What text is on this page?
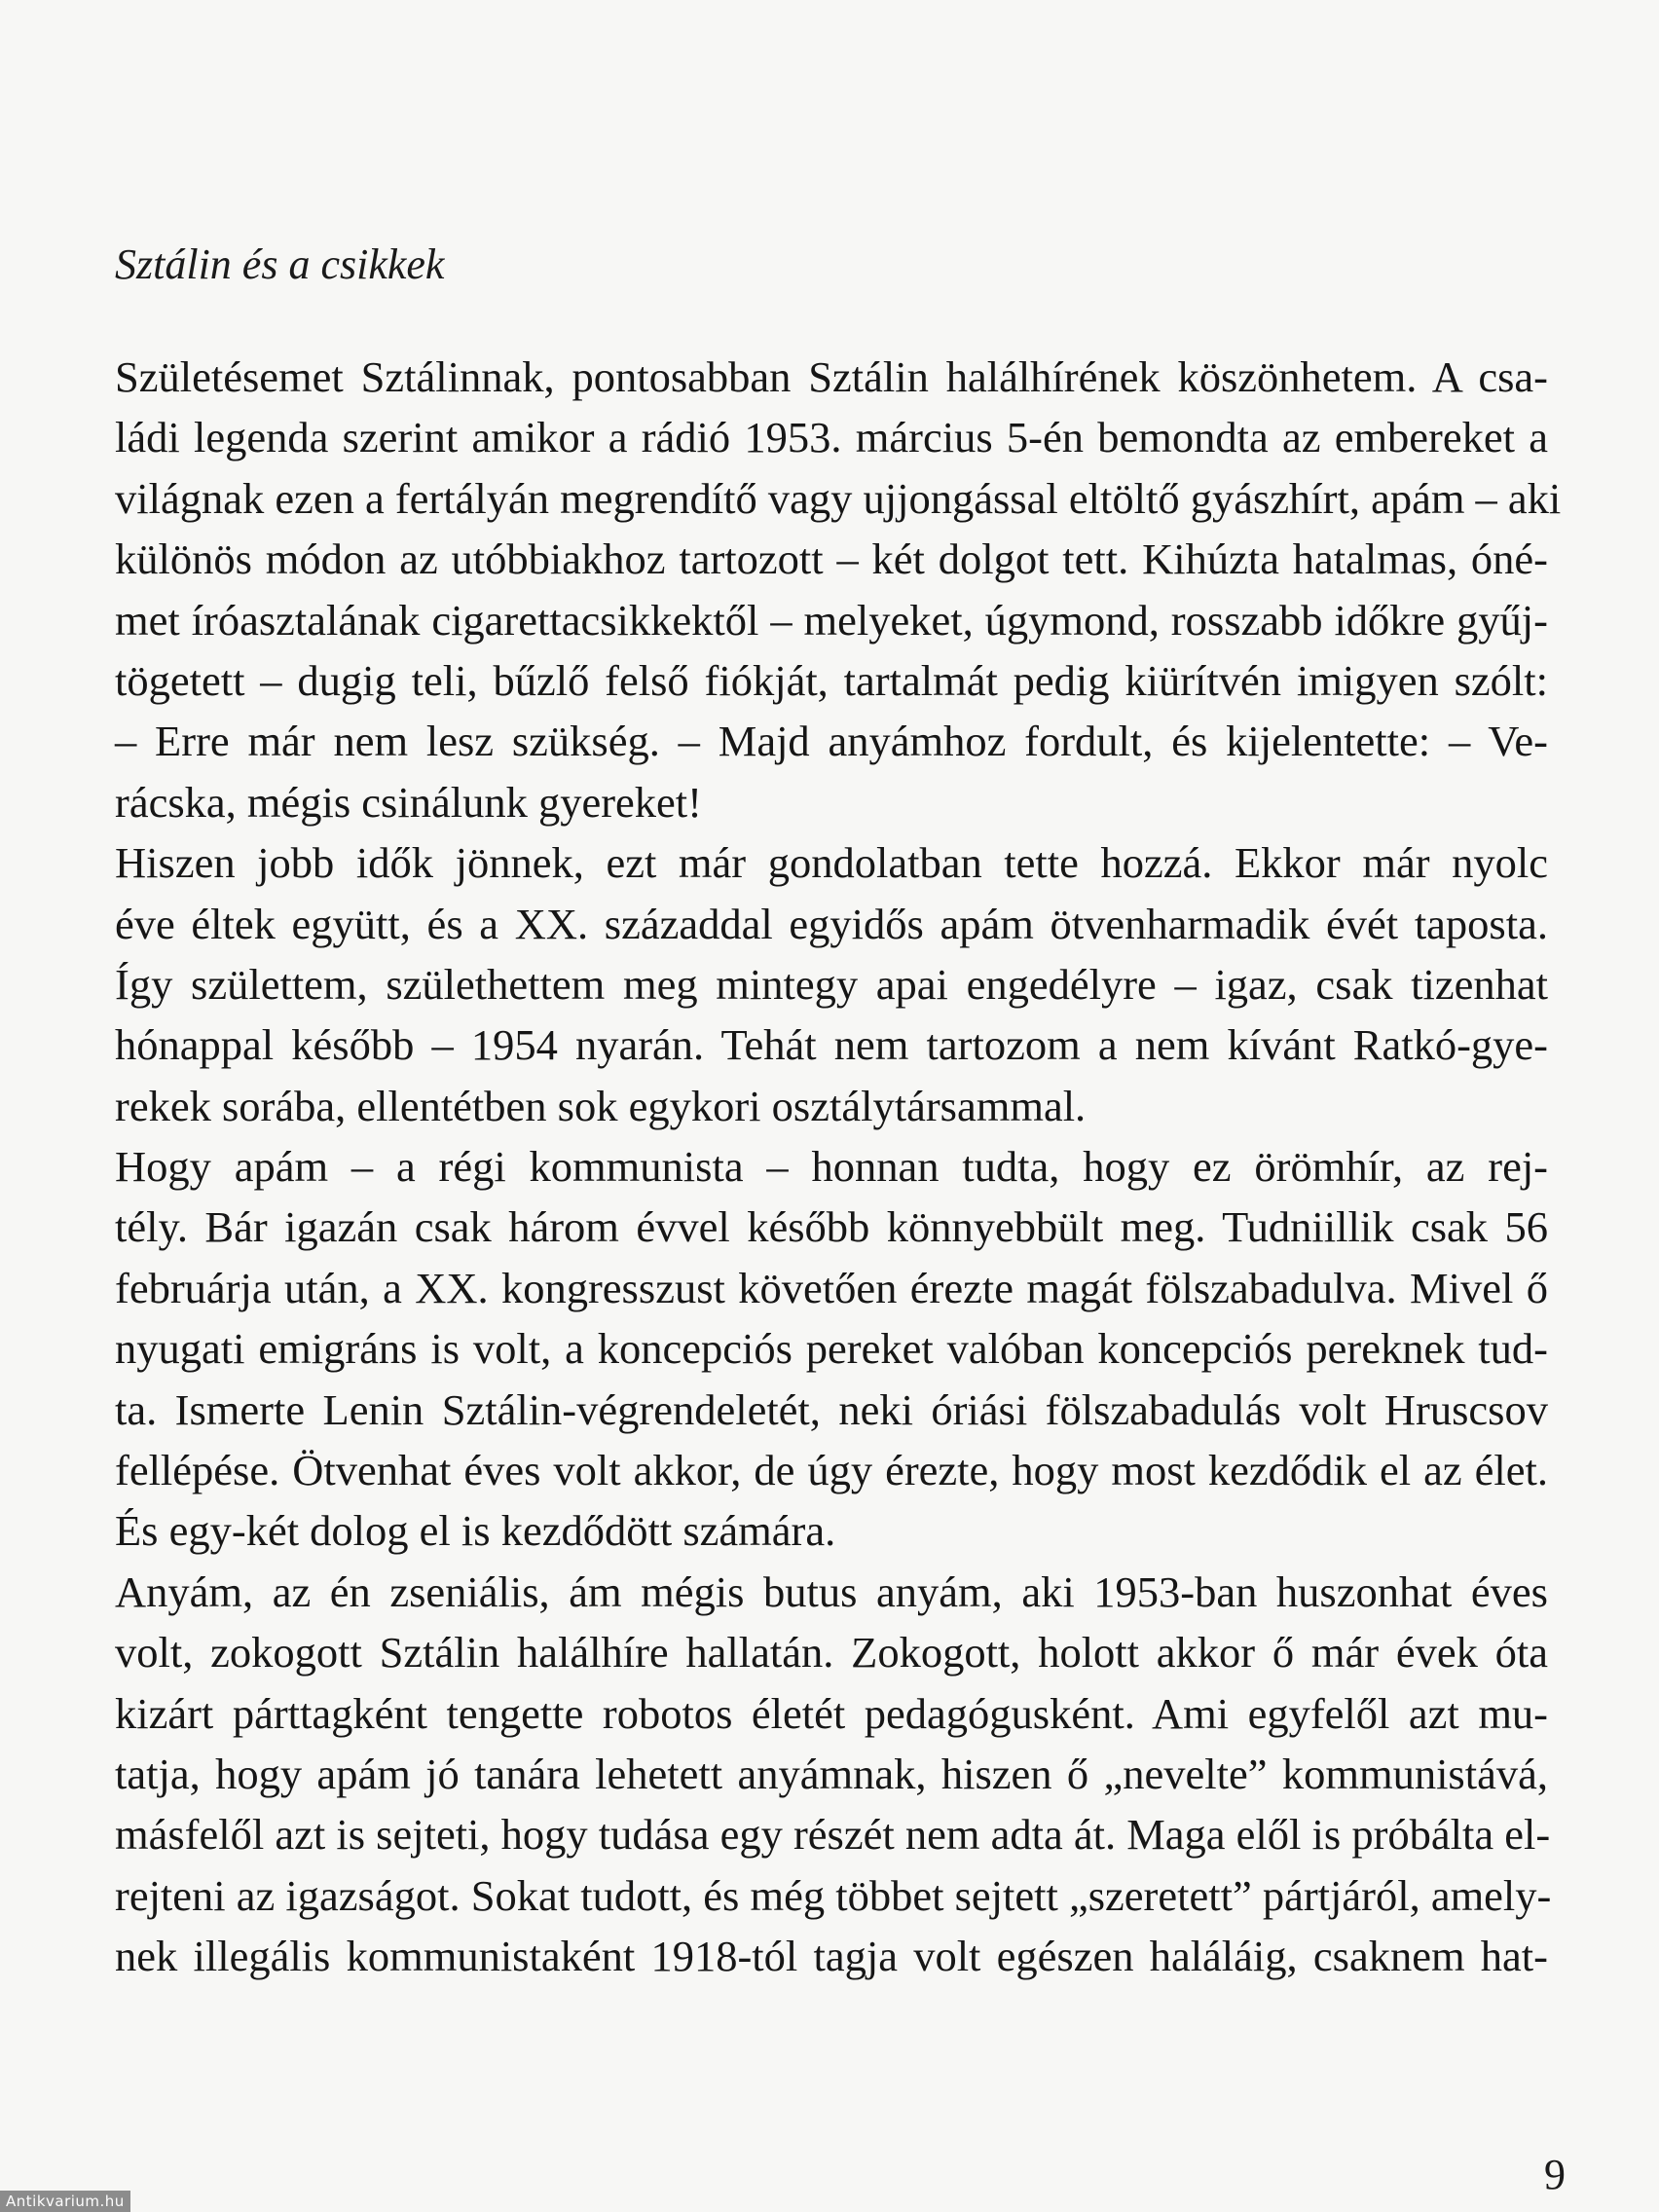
Sztálin és a csikkek
Születésemet Sztálinnak, pontosabban Sztálin halálhírének köszönhetem. A csa-
ládi legenda szerint amikor a rádió 1953. március 5-én bemondta az embereket a
világnak ezen a fertályán megrendítő vagy ujjongással eltöltő gyászhírt, apám – aki
különös módon az utóbbiakhoz tartozott – két dolgot tett. Kihúzta hatalmas, óné-
met íróasztalának cigarettacsikkektől – melyeket, úgymond, rosszabb időkre gyűj-
tögetett – dugig teli, bűzlő felső fiókját, tartalmát pedig kiürítvén imigyen szólt:
– Erre már nem lesz szükség. – Majd anyámhoz fordult, és kijelentette: – Ve-
rácska, mégis csinálunk gyereket!
Hiszen jobb idők jönnek, ezt már gondolatban tette hozzá. Ekkor már nyolc
éve éltek együtt, és a XX. századdal egyidős apám ötvenharmadik évét taposta.
Így születtem, születhettem meg mintegy apai engedélyre – igaz, csak tizenhat
hónappal később – 1954 nyarán. Tehát nem tartozom a nem kívánt Ratkó-gye-
rekek sorába, ellentétben sok egykori osztálytársammal.
Hogy apám – a régi kommunista – honnan tudta, hogy ez örömhír, az rej-
tély. Bár igazán csak három évvel később könnyebbült meg. Tudniillik csak 56
februárja után, a XX. kongresszust követően érezte magát fölszabadulva. Mivel ő
nyugati emigráns is volt, a koncepciós pereket valóban koncepciós pereknek tud-
ta. Ismerte Lenin Sztálin-végrendeletét, neki óriási fölszabadulás volt Hruscsov
fellépése. Ötvenhat éves volt akkor, de úgy érezte, hogy most kezdődik el az élet.
És egy-két dolog el is kezdődött számára.
Anyám, az én zseniális, ám mégis butus anyám, aki 1953-ban huszonhat éves
volt, zokogott Sztálin halálhíre hallatán. Zokogott, holott akkor ő már évek óta
kizárt párttagként tengette robotos életét pedagógusként. Ami egyfelől azt mu-
tatja, hogy apám jó tanára lehetett anyámnak, hiszen ő „nevelte” kommunistává,
másfelől azt is sejteti, hogy tudása egy részét nem adta át. Maga elől is próbálta el-
rejteni az igazságot. Sokat tudott, és még többet sejtett „szeretett” pártjáról, amely-
nek illegális kommunistaként 1918-tól tagja volt egészen haláláig, csaknem hat-
9
Antikvarium.hu
